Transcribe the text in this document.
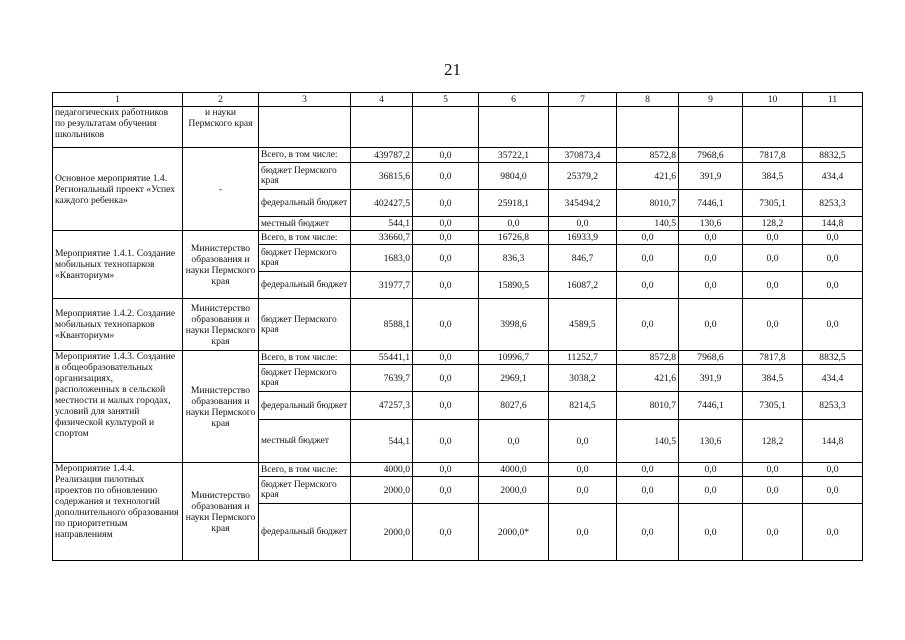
21
1	2	3	4	5	6	7	8	9	10	11
педагогических работников по результатам обучения школьников	и науки Пермского края									
Основное мероприятие 1.4. Региональный проект «Успех каждого ребенка»	-	Всего, в том числе:	439787,2	0,0	35722,1	370873,4	8572,8	7968,6	7817,8	8832,5
		бюджет Пермского края	36815,6	0,0	9804,0	25379,2	421,6	391,9	384,5	434,4
		федеральный бюджет	402427,5	0,0	25918,1	345494,2	8010,7	7446,1	7305,1	8253,3
		местный бюджет	544,1	0,0	0,0	0,0	140,5	130,6	128,2	144,8
Мероприятие 1.4.1. Создание мобильных технопарков «Кванториум»	Министерство образования и науки Пермского края	Всего, в том числе:	33660,7	0,0	16726,8	16933,9	0,0	0,0	0,0	0,0
		бюджет Пермского края	1683,0	0,0	836,3	846,7	0,0	0,0	0,0	0,0
		федеральный бюджет	31977,7	0,0	15890,5	16087,2	0,0	0,0	0,0	0,0
Мероприятие 1.4.2. Создание мобильных технопарков «Кванториум»	Министерство образования и науки Пермского края	бюджет Пермского края	8588,1	0,0	3998,6	4589,5	0,0	0,0	0,0	0,0
Мероприятие 1.4.3. Создание в общеобразовательных организациях, расположенных в сельской местности и малых городах, условий для занятий физической культурой и спортом	Министерство образования и науки Пермского края	Всего, в том числе:	55441,1	0,0	10996,7	11252,7	8572,8	7968,6	7817,8	8832,5
		бюджет Пермского края	7639,7	0,0	2969,1	3038,2	421,6	391,9	384,5	434,4
		федеральный бюджет	47257,3	0,0	8027,6	8214,5	8010,7	7446,1	7305,1	8253,3
		местный бюджет	544,1	0,0	0,0	0,0	140,5	130,6	128,2	144,8
Мероприятие 1.4.4. Реализация пилотных проектов по обновлению содержания и технологий дополнительного образования по приоритетным направлениям	Министерство образования и науки Пермского края	Всего, в том числе:	4000,0	0,0	4000,0	0,0	0,0	0,0	0,0	0,0
		бюджет Пермского края	2000,0	0,0	2000,0	0,0	0,0	0,0	0,0	0,0
		федеральный бюджет	2000,0	0,0	2000,0*	0,0	0,0	0,0	0,0	0,0
